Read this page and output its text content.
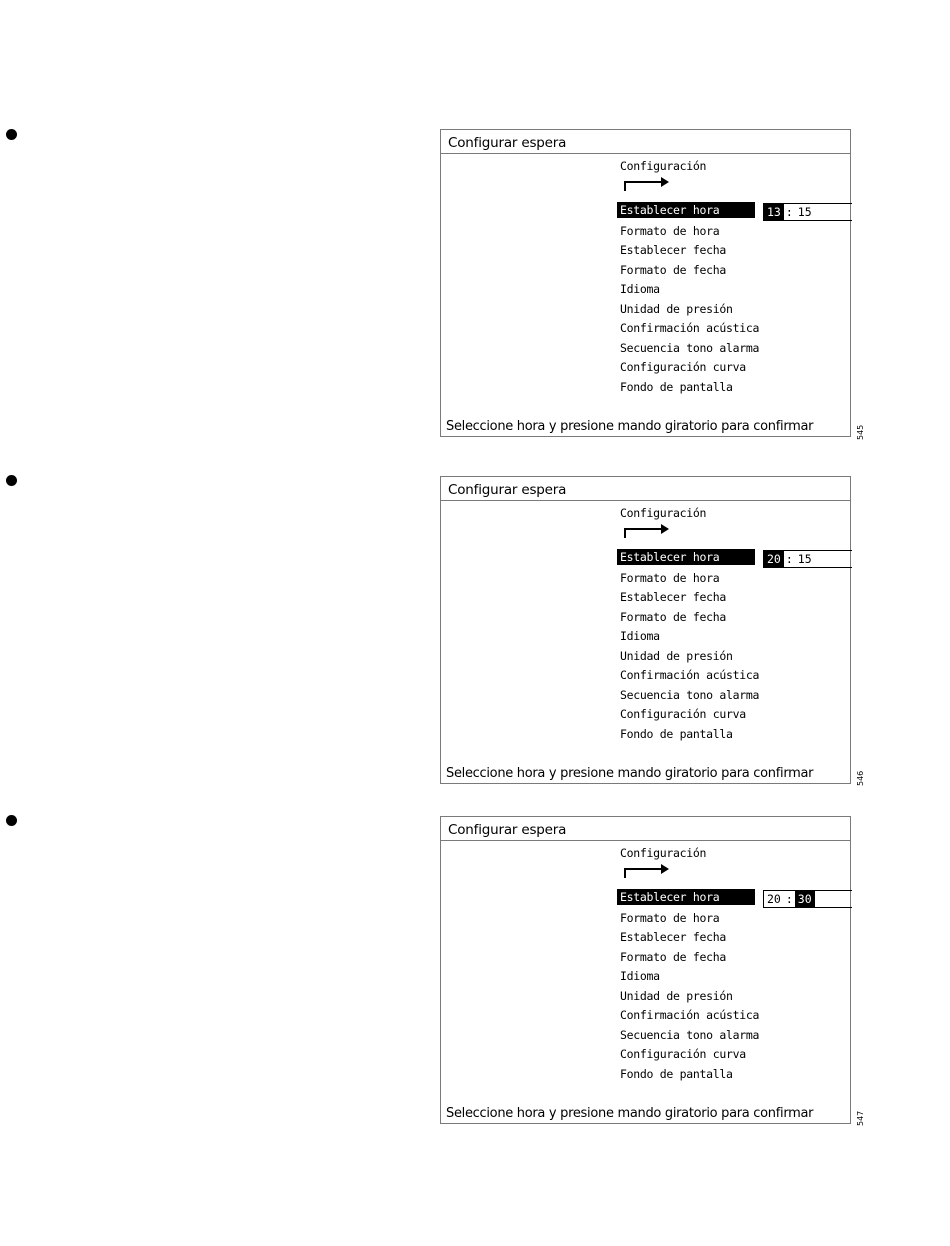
Configurar espera
Configuración
Establecer hora
Formato de hora
Establecer fecha
Formato de fecha
Idioma
Unidad de presión
Confirmación acústica
Secuencia tono alarma
Configuración curva
Fondo de pantalla
13 : 15
Seleccione hora y presione mando giratorio para confirmar	545
Configurar espera
Configuración
Establecer hora
Formato de hora
Establecer fecha
Formato de fecha
Idioma
Unidad de presión
Confirmación acústica
Secuencia tono alarma
Configuración curva
Fondo de pantalla
20 : 15
Seleccione hora y presione mando giratorio para confirmar	546
Configurar espera
Configuración
Establecer hora
Formato de hora
Establecer fecha
Formato de fecha
Idioma
Unidad de presión
Confirmación acústica
Secuencia tono alarma
Configuración curva
Fondo de pantalla
20 : 30
Seleccione hora y presione mando giratorio para confirmar	547
